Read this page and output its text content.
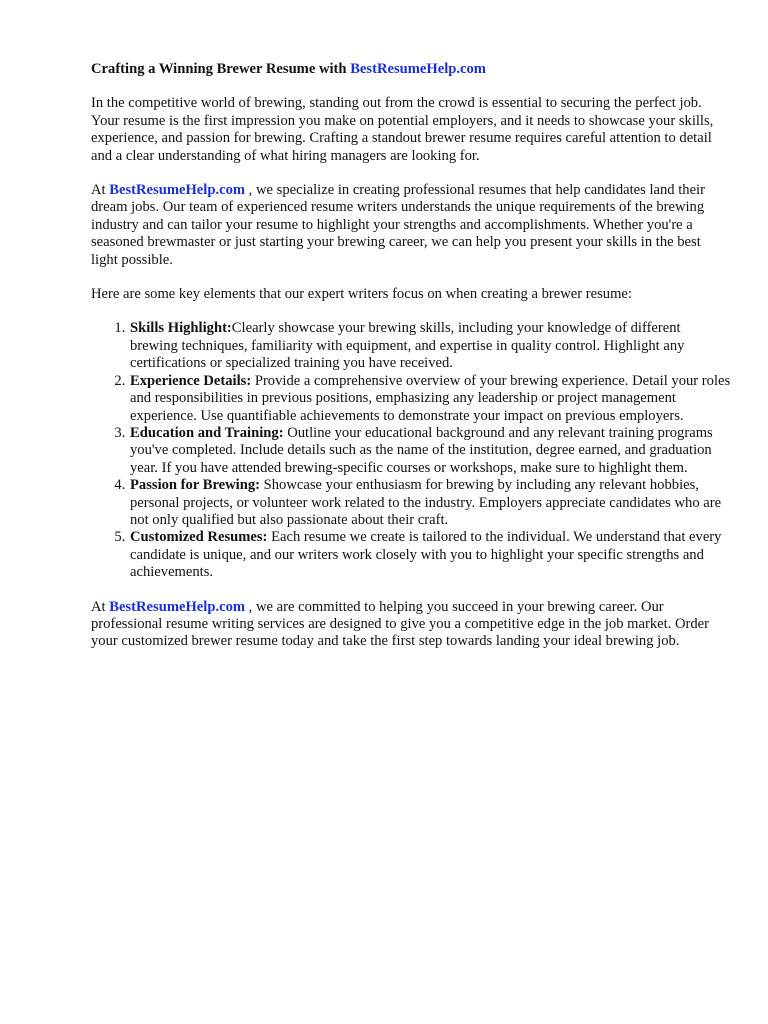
Crafting a Winning Brewer Resume with BestResumeHelp.com

In the competitive world of brewing, standing out from the crowd is essential to securing the perfect job. Your resume is the first impression you make on potential employers, and it needs to showcase your skills, experience, and passion for brewing. Crafting a standout brewer resume requires careful attention to detail and a clear understanding of what hiring managers are looking for.

At BestResumeHelp.com , we specialize in creating professional resumes that help candidates land their dream jobs. Our team of experienced resume writers understands the unique requirements of the brewing industry and can tailor your resume to highlight your strengths and accomplishments. Whether you're a seasoned brewmaster or just starting your brewing career, we can help you present your skills in the best light possible.

Here are some key elements that our expert writers focus on when creating a brewer resume:

1. Skills Highlight:Clearly showcase your brewing skills, including your knowledge of different brewing techniques, familiarity with equipment, and expertise in quality control. Highlight any certifications or specialized training you have received.
2. Experience Details: Provide a comprehensive overview of your brewing experience. Detail your roles and responsibilities in previous positions, emphasizing any leadership or project management experience. Use quantifiable achievements to demonstrate your impact on previous employers.
3. Education and Training: Outline your educational background and any relevant training programs you've completed. Include details such as the name of the institution, degree earned, and graduation year. If you have attended brewing-specific courses or workshops, make sure to highlight them.
4. Passion for Brewing: Showcase your enthusiasm for brewing by including any relevant hobbies, personal projects, or volunteer work related to the industry. Employers appreciate candidates who are not only qualified but also passionate about their craft.
5. Customized Resumes: Each resume we create is tailored to the individual. We understand that every candidate is unique, and our writers work closely with you to highlight your specific strengths and achievements.

At BestResumeHelp.com , we are committed to helping you succeed in your brewing career. Our professional resume writing services are designed to give you a competitive edge in the job market. Order your customized brewer resume today and take the first step towards landing your ideal brewing job.
